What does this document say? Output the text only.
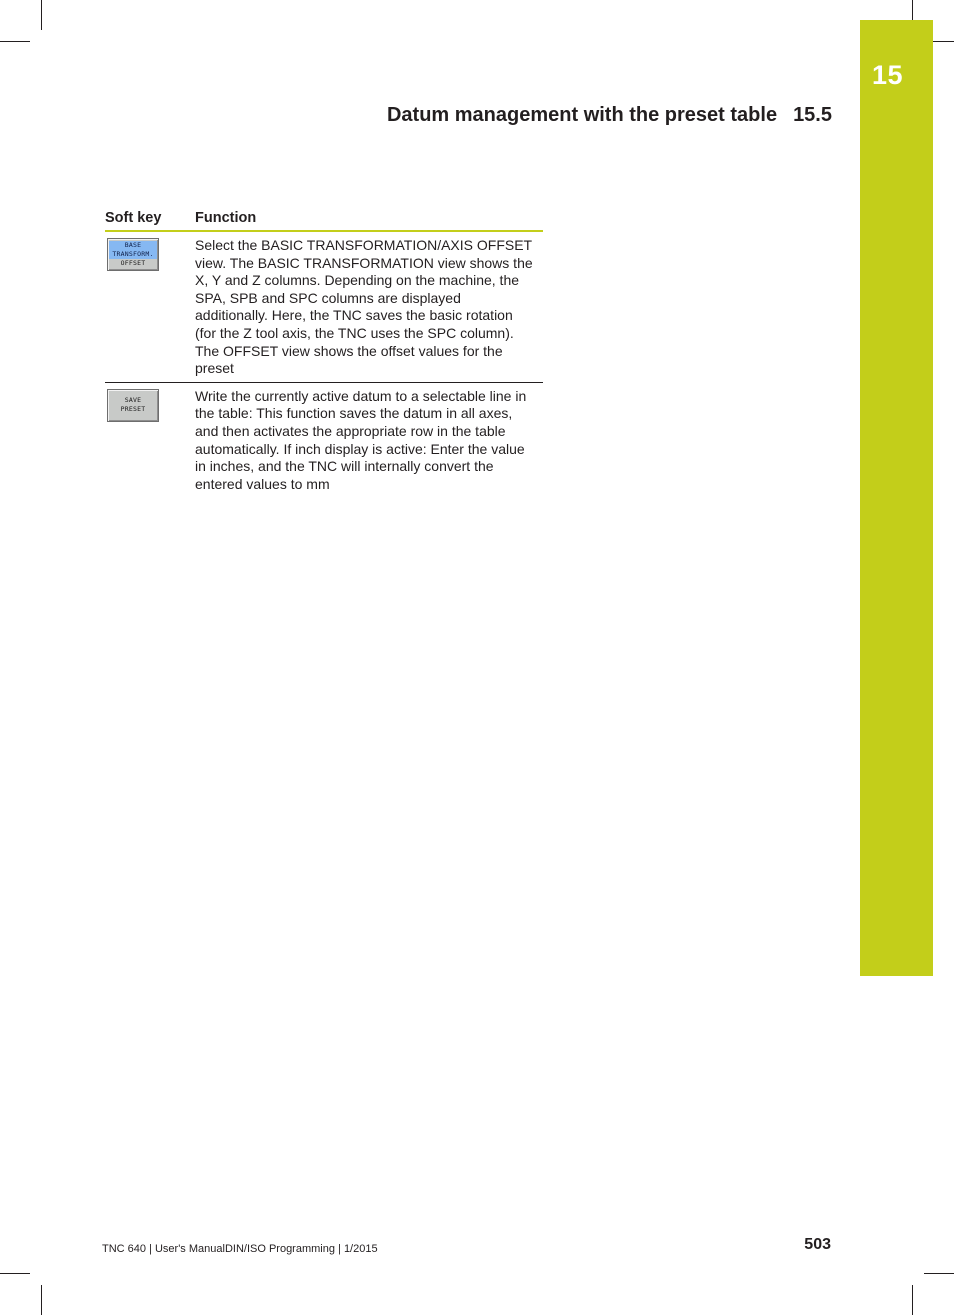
15
Datum management with the preset table 15.5
Soft key	Function
BASE
TRANSFORM.
OFFSET
Select the BASIC TRANSFORMATION/AXIS OFFSET view. The BASIC TRANSFORMATION view shows the X, Y and Z columns. Depending on the machine, the SPA, SPB and SPC columns are displayed additionally. Here, the TNC saves the basic rotation (for the Z tool axis, the TNC uses the SPC column). The OFFSET view shows the offset values for the preset
SAVE
PRESET
Write the currently active datum to a selectable line in the table: This function saves the datum in all axes, and then activates the appropriate row in the table automatically. If inch display is active: Enter the value in inches, and the TNC will internally convert the entered values to mm
TNC 640 | User's ManualDIN/ISO Programming | 1/2015	503
